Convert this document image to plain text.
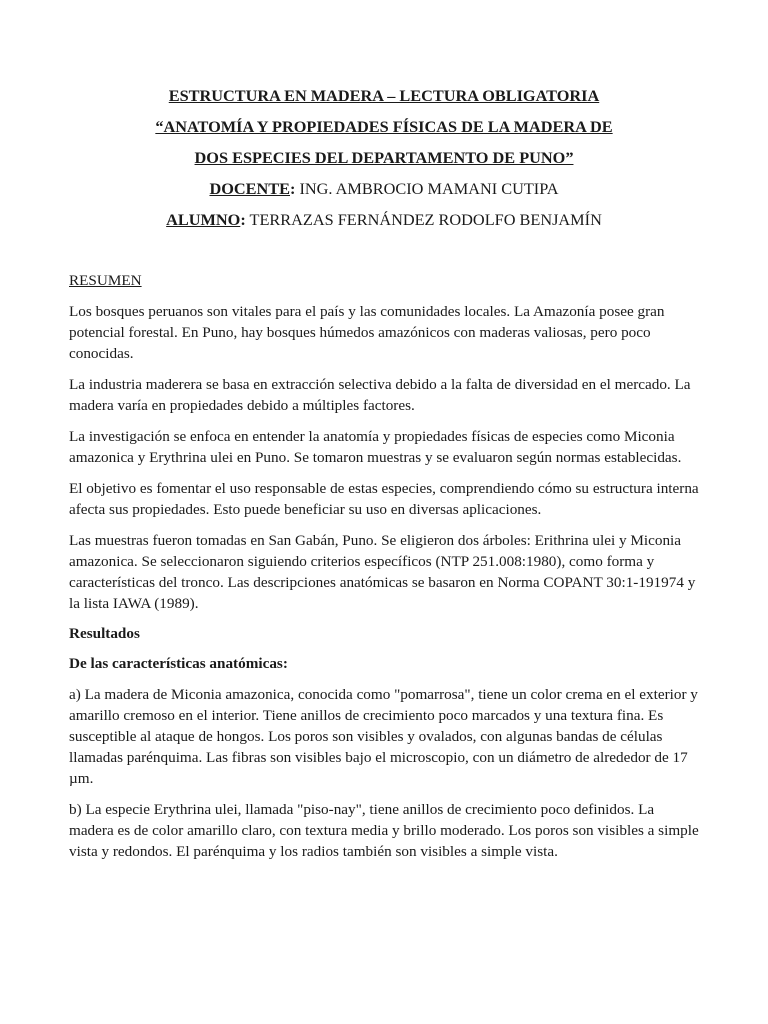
ESTRUCTURA EN MADERA – LECTURA OBLIGATORIA
“ANATOMÍA Y PROPIEDADES FÍSICAS DE LA MADERA DE
DOS ESPECIES DEL DEPARTAMENTO DE PUNO”
DOCENTE: ING. AMBROCIO MAMANI CUTIPA
ALUMNO: TERRAZAS FERNÁNDEZ RODOLFO BENJAMÍN
RESUMEN

Los bosques peruanos son vitales para el país y las comunidades locales. La Amazonía posee gran potencial forestal. En Puno, hay bosques húmedos amazónicos con maderas valiosas, pero poco conocidas.

La industria maderera se basa en extracción selectiva debido a la falta de diversidad en el mercado. La madera varía en propiedades debido a múltiples factores.

La investigación se enfoca en entender la anatomía y propiedades físicas de especies como Miconia amazonica y Erythrina ulei en Puno. Se tomaron muestras y se evaluaron según normas establecidas.

El objetivo es fomentar el uso responsable de estas especies, comprendiendo cómo su estructura interna afecta sus propiedades. Esto puede beneficiar su uso en diversas aplicaciones.

Las muestras fueron tomadas en San Gabán, Puno. Se eligieron dos árboles: Erithrina ulei y Miconia amazonica. Se seleccionaron siguiendo criterios específicos (NTP 251.008:1980), como forma y características del tronco. Las descripciones anatómicas se basaron en Norma COPANT 30:1-191974 y la lista IAWA (1989).

Resultados
De las características anatómicas:

a) La madera de Miconia amazonica, conocida como "pomarrosa", tiene un color crema en el exterior y amarillo cremoso en el interior. Tiene anillos de crecimiento poco marcados y una textura fina. Es susceptible al ataque de hongos. Los poros son visibles y ovalados, con algunas bandas de células llamadas parénquima. Las fibras son visibles bajo el microscopio, con un diámetro de alrededor de 17 µm.

b) La especie Erythrina ulei, llamada "piso-nay", tiene anillos de crecimiento poco definidos. La madera es de color amarillo claro, con textura media y brillo moderado. Los poros son visibles a simple vista y redondos. El parénquima y los radios también son visibles a simple vista.
